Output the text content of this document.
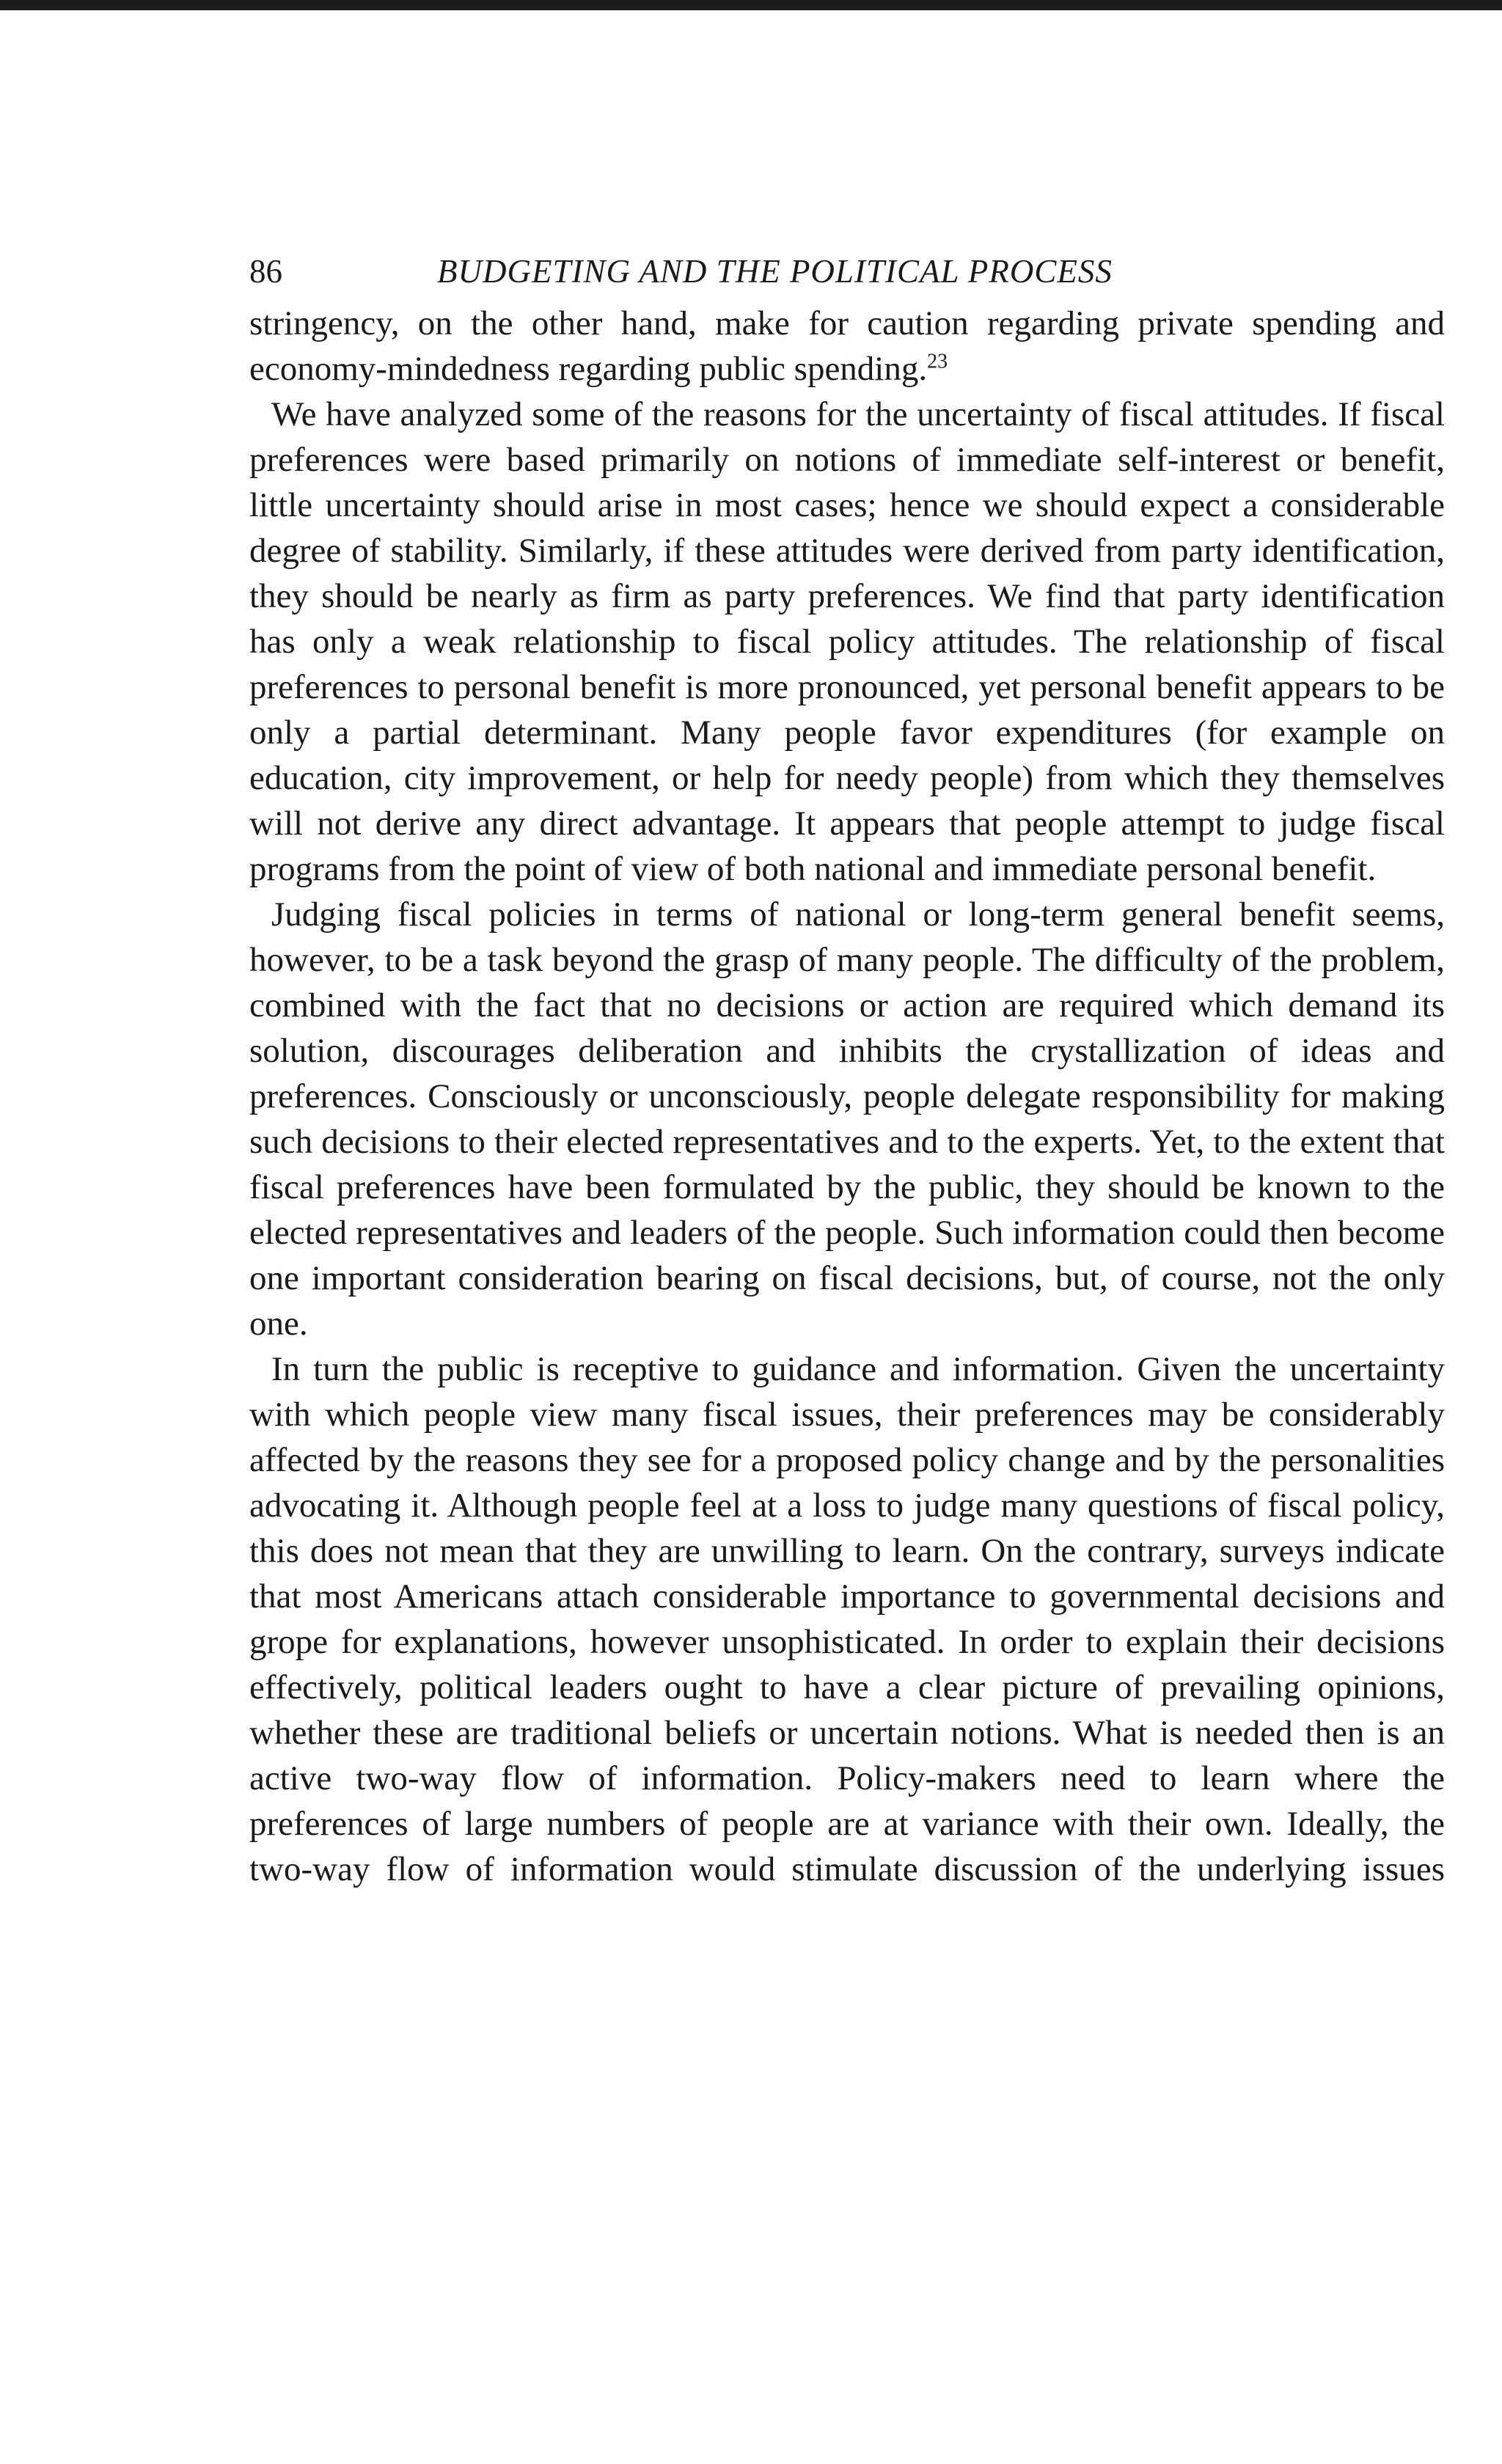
86	BUDGETING AND THE POLITICAL PROCESS

stringency, on the other hand, make for caution regarding private spending and economy-mindedness regarding public spending.$^{23}$

We have analyzed some of the reasons for the uncertainty of fiscal attitudes. If fiscal preferences were based primarily on notions of immediate self-interest or benefit, little uncertainty should arise in most cases; hence we should expect a considerable degree of stability. Similarly, if these attitudes were derived from party identification, they should be nearly as firm as party preferences. We find that party identification has only a weak relationship to fiscal policy attitudes. The relationship of fiscal preferences to personal benefit is more pronounced, yet personal benefit appears to be only a partial determinant. Many people favor expenditures (for example on education, city improvement, or help for needy people) from which they themselves will not derive any direct advantage. It appears that people attempt to judge fiscal programs from the point of view of both national and immediate personal benefit.

Judging fiscal policies in terms of national or long-term general benefit seems, however, to be a task beyond the grasp of many people. The difficulty of the problem, combined with the fact that no decisions or action are required which demand its solution, discourages deliberation and inhibits the crystallization of ideas and preferences. Consciously or unconsciously, people delegate responsibility for making such decisions to their elected representatives and to the experts. Yet, to the extent that fiscal preferences have been formulated by the public, they should be known to the elected representatives and leaders of the people. Such information could then become one important consideration bearing on fiscal decisions, but, of course, not the only one.

In turn the public is receptive to guidance and information. Given the uncertainty with which people view many fiscal issues, their preferences may be considerably affected by the reasons they see for a proposed policy change and by the personalities advocating it. Although people feel at a loss to judge many questions of fiscal policy, this does not mean that they are unwilling to learn. On the contrary, surveys indicate that most Americans attach considerable importance to governmental decisions and grope for explanations, however unsophisticated. In order to explain their decisions effectively, political leaders ought to have a clear picture of prevailing opinions, whether these are traditional beliefs or uncertain notions. What is needed then is an active two-way flow of information. Policy-makers need to learn where the preferences of large numbers of people are at variance with their own. Ideally, the two-way flow of information would stimulate discussion of the underlying issues
